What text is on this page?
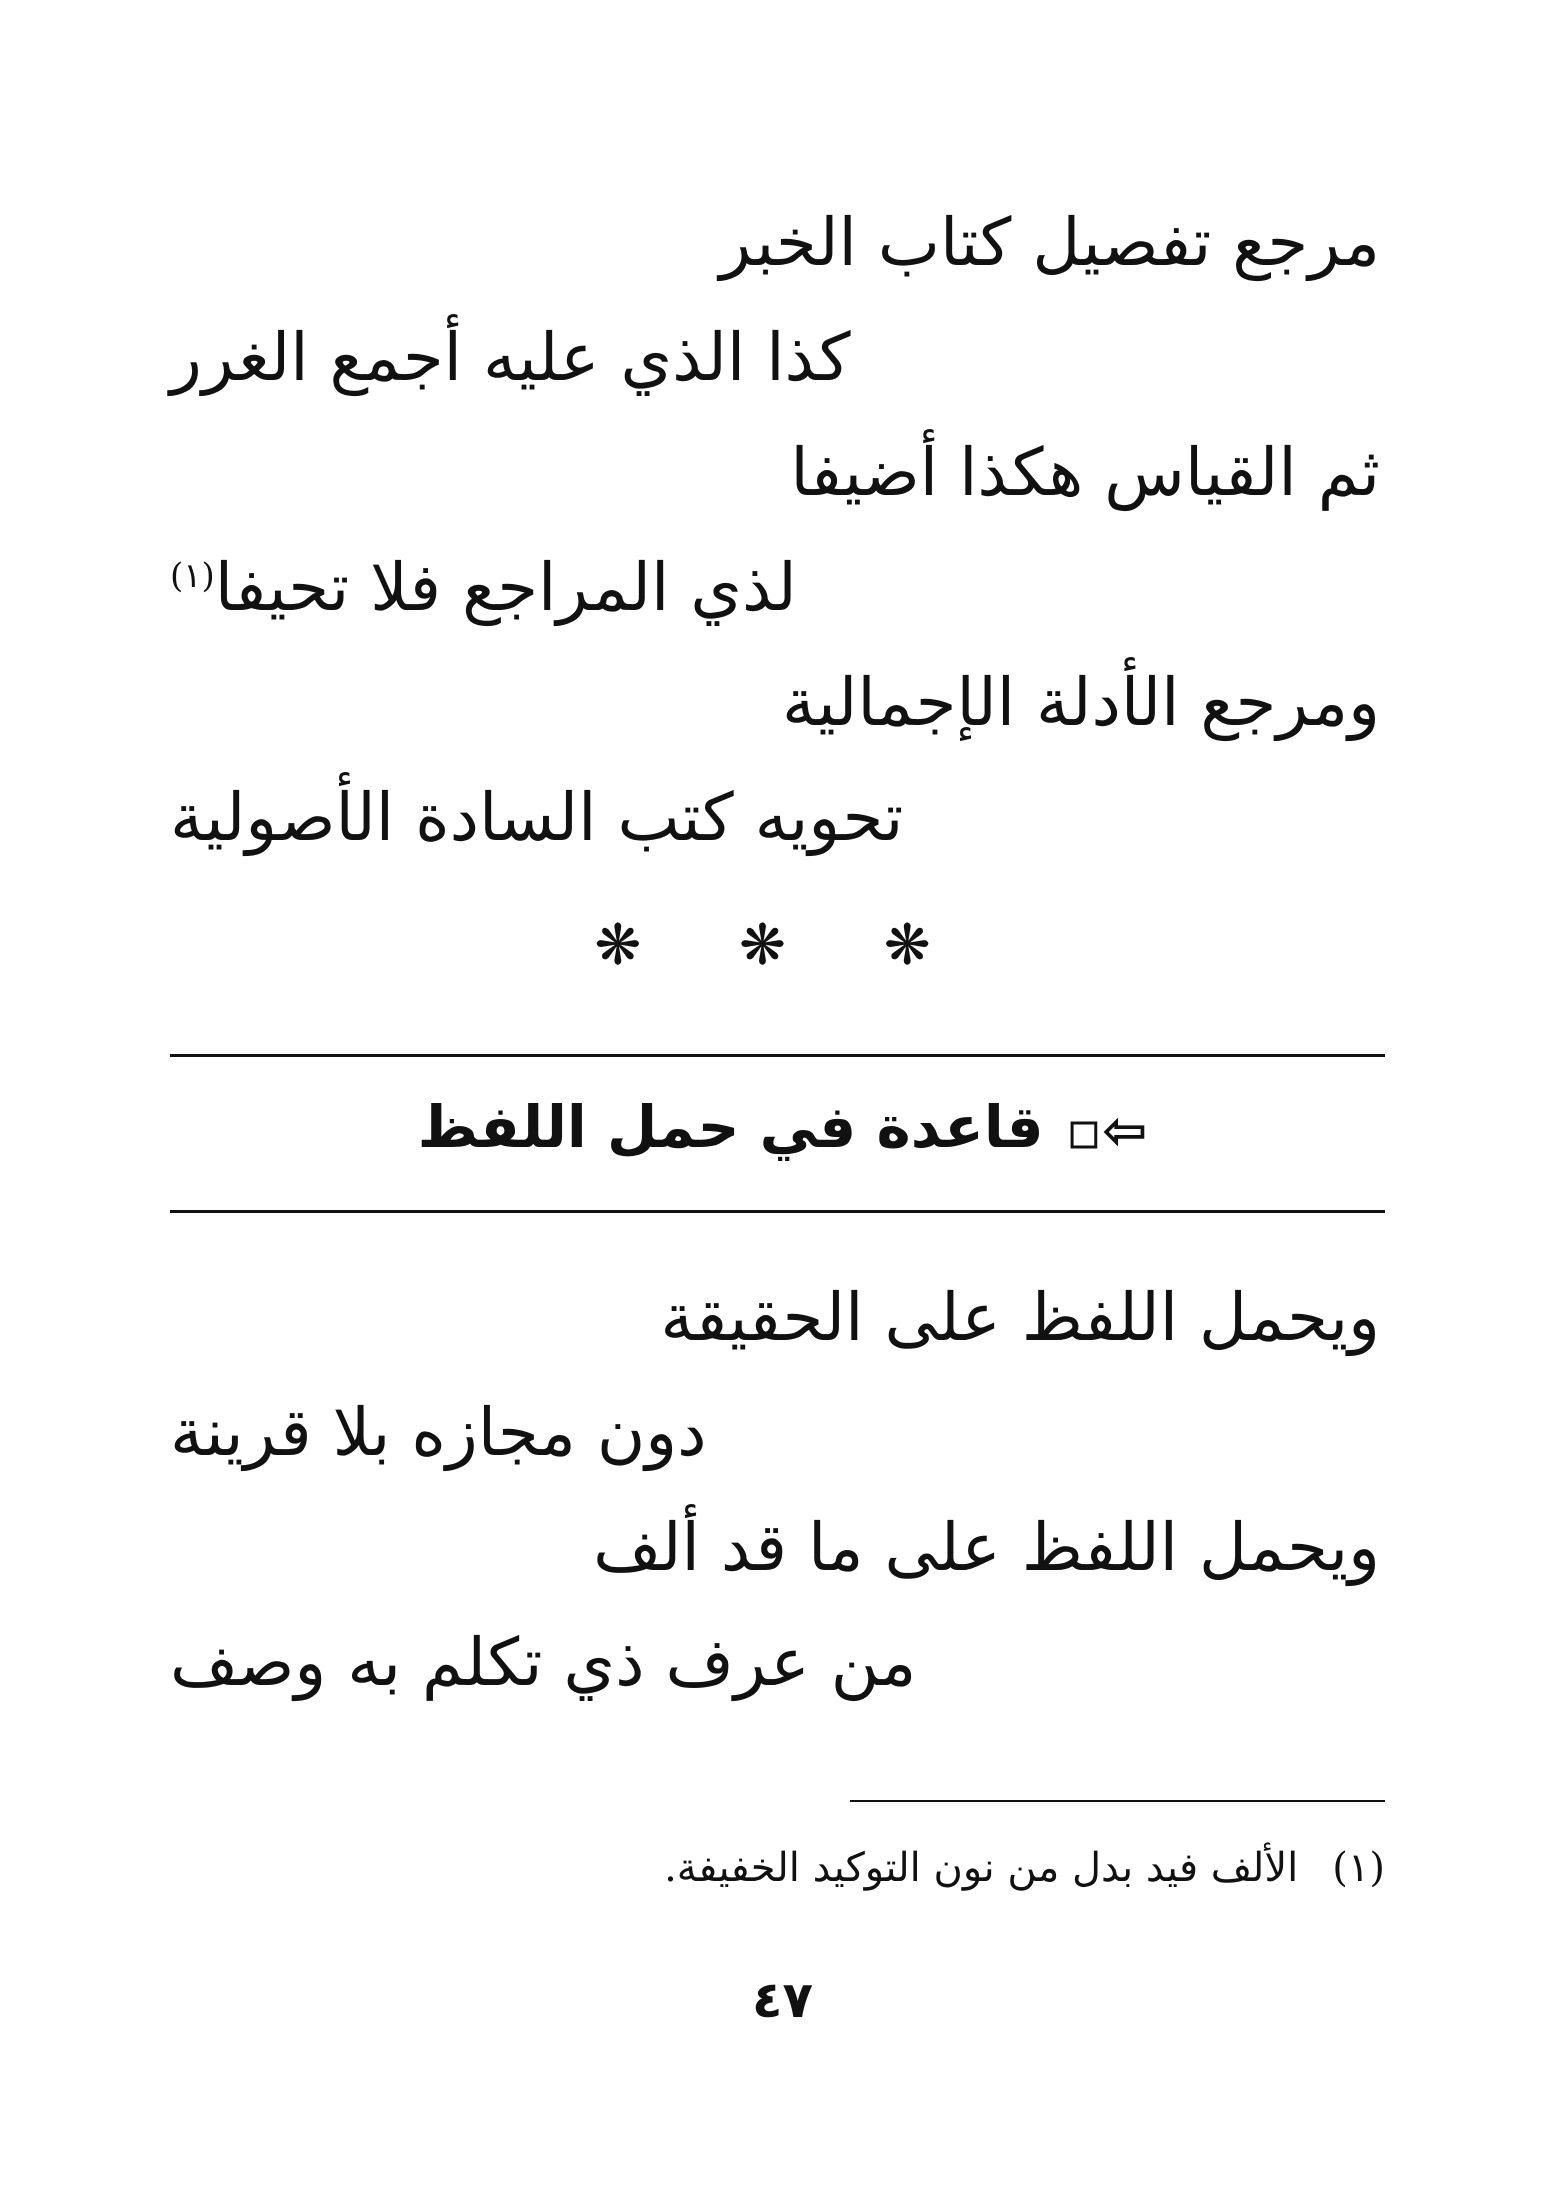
مرجع تفصيل كتاب الخبر
كذا الذي عليه أجمع الغرر
ثم القياس هكذا أضيفا
لذي المراجع فلا تحيفا$^{(١)}$
ومرجع الأدلة الإجمالية
تحويه كتب السادة الأصولية
❋ ❋ ❋
⇦▫قاعدة في حمل اللفظ
ويحمل اللفظ على الحقيقة
دون مجازه بلا قرينة
ويحمل اللفظ على ما قد ألف
من عرف ذي تكلم به وصف
(١)الألف فيد بدل من نون التوكيد الخفيفة.
٤٧
